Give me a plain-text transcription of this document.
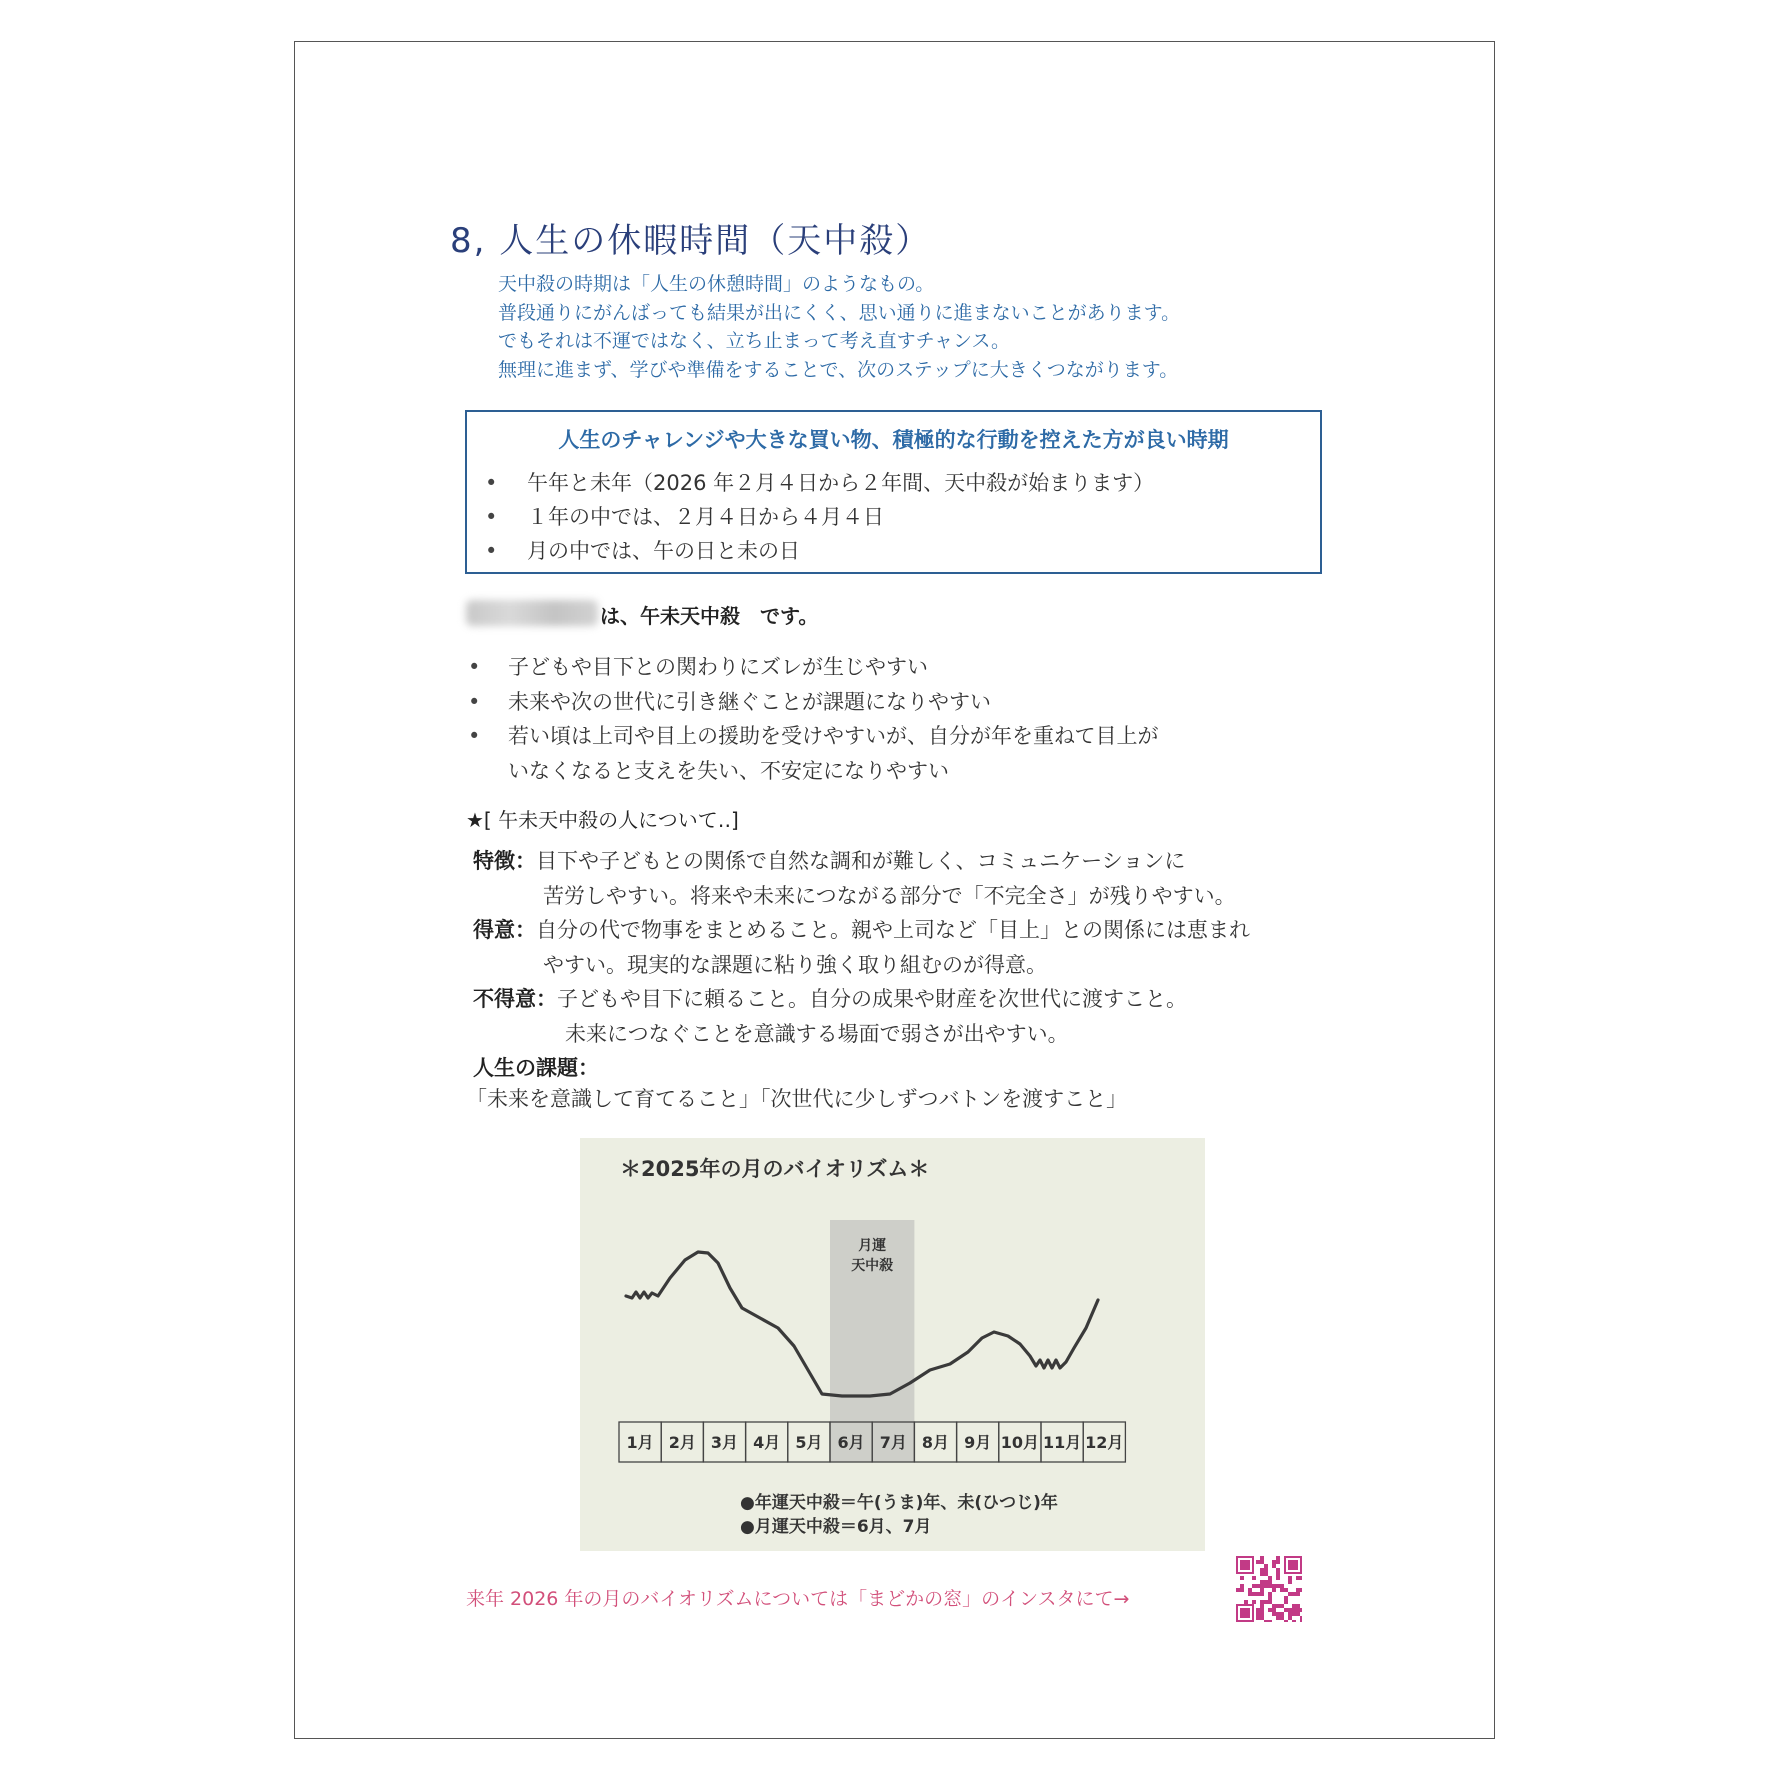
8, 人生の休暇時間（天中殺）
天中殺の時期は「人生の休憩時間」のようなもの。
普段通りにがんばっても結果が出にくく、思い通りに進まないことがあります。
でもそれは不運ではなく、立ち止まって考え直すチャンス。
無理に進まず、学びや準備をすることで、次のステップに大きくつながります。
人生のチャレンジや大きな買い物、積極的な行動を控えた方が良い時期
•	午年と未年（2026 年２月４日から２年間、天中殺が始まります）
•	１年の中では、２月４日から４月４日
•	月の中では、午の日と未の日
は、午未天中殺　です。
•	子どもや目下との関わりにズレが生じやすい
•	未来や次の世代に引き継ぐことが課題になりやすい
•	若い頃は上司や目上の援助を受けやすいが、自分が年を重ねて目上が
いなくなると支えを失い、不安定になりやすい
★[ 午未天中殺の人について‥]
特徴：目下や子どもとの関係で自然な調和が難しく、コミュニケーションに
苦労しやすい。将来や未来につながる部分で「不完全さ」が残りやすい。
得意：自分の代で物事をまとめること。親や上司など「目上」との関係には恵まれ
やすい。現実的な課題に粘り強く取り組むのが得意。
不得意：子どもや目下に頼ること。自分の成果や財産を次世代に渡すこと。
未来につなぐことを意識する場面で弱さが出やすい。
人生の課題：
「未来を意識して育てること」「次世代に少しずつバトンを渡すこと」
＊2025年の月のバイオリズム＊
月運
天中殺
1月 2月 3月 4月 5月 6月 7月 8月 9月 10月 11月 12月
●年運天中殺＝午(うま)年、未(ひつじ)年
●月運天中殺＝6月、7月
来年 2026 年の月のバイオリズムについては「まどかの窓」のインスタにて→
